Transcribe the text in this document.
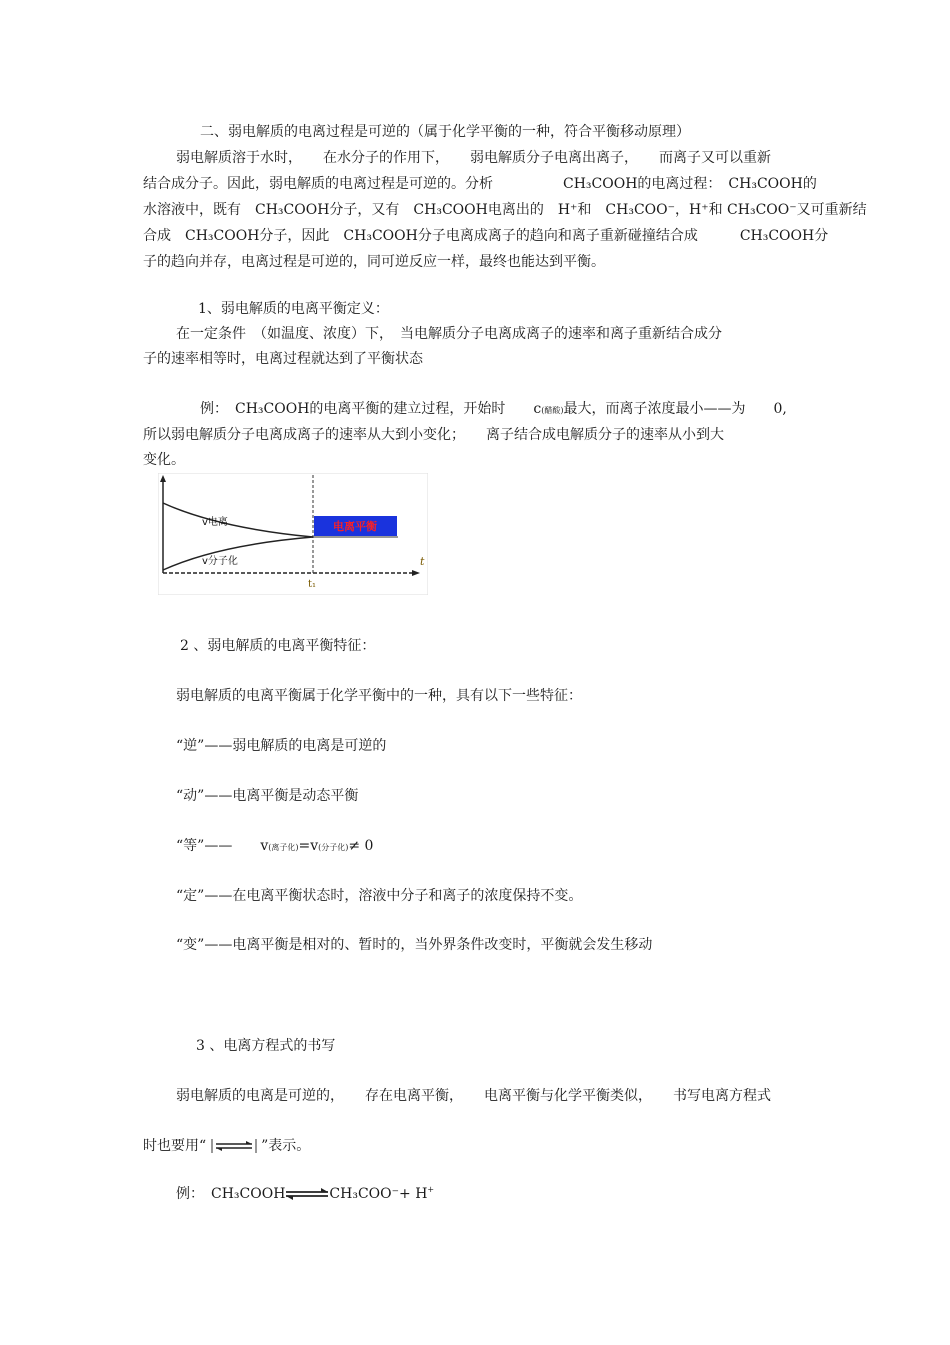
二、弱电解质的电离过程是可逆的（属于化学平衡的一种，符合平衡移动原理）
弱电解质溶于水时，　　在水分子的作用下，　　弱电解质分子电离出离子，　　而离子又可以重新
结合成分子。因此，弱电解质的电离过程是可逆的。分析　　　　　CH₃COOH的电离过程：　CH₃COOH的
水溶液中，既有　CH₃COOH分子，又有　CH₃COOH电离出的　H⁺和　CH₃COO⁻，H⁺和 CH₃COO⁻又可重新结
合成　CH₃COOH分子，因此　CH₃COOH分子电离成离子的趋向和离子重新碰撞结合成　　　CH₃COOH分
子的趋向并存，电离过程是可逆的，同可逆反应一样，最终也能达到平衡。
1、弱电解质的电离平衡定义：
在一定条件　（如温度、浓度）下，　当电解质分子电离成离子的速率和离子重新结合成分
子的速率相等时，电离过程就达到了平衡状态
例：　CH₃COOH的电离平衡的建立过程，开始时　　c(醋酸)最大，而离子浓度最小——为　　0,
所以弱电解质分子电离成离子的速率从大到小变化；　　离子结合成电解质分子的速率从小到大
变化。
v电离
v分子化
电离平衡
t₁
t
2 、弱电解质的电离平衡特征：
弱电解质的电离平衡属于化学平衡中的一种，具有以下一些特征：
“逆”——弱电解质的电离是可逆的
“动”——电离平衡是动态平衡
“等”——　　v(离子化)=v(分子化)≠ 0
“定”——在电离平衡状态时，溶液中分子和离子的浓度保持不变。
“变”——电离平衡是相对的、暂时的，当外界条件改变时，平衡就会发生移动
3 、电离方程式的书写
弱电解质的电离是可逆的，　　存在电离平衡，　　电离平衡与化学平衡类似，　　书写电离方程式
时也要用“ ⇌ ”表示。
例：　CH₃COOH⇌CH₃COO⁻+ H+
